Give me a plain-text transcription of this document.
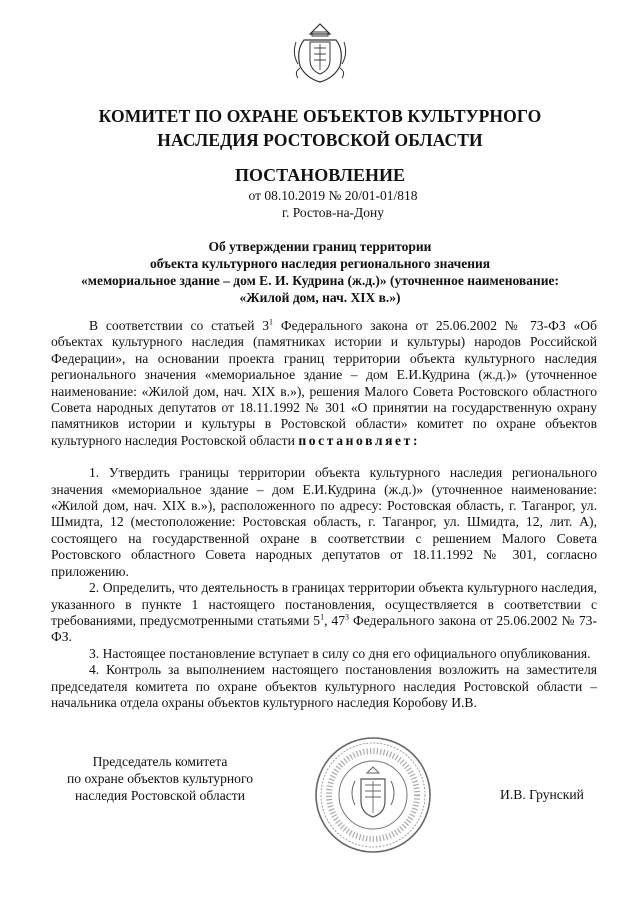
КОМИТЕТ ПО ОХРАНЕ ОБЪЕКТОВ КУЛЬТУРНОГО
НАСЛЕДИЯ РОСТОВСКОЙ ОБЛАСТИ
ПОСТАНОВЛЕНИЕ
от 08.10.2019 № 20/01-01/818
г. Ростов-на-Дону
Об утверждении границ территории
объекта культурного наследия регионального значения
«мемориальное здание – дом Е. И. Кудрина (ж.д.)» (уточненное наименование:
«Жилой дом, нач. XIX в.»)

В соответствии со статьей $3^1$ Федерального закона от 25.06.2002 № 73-ФЗ «Об объектах культурного наследия (памятниках истории и культуры) народов Российской Федерации», на основании проекта границ территории объекта культурного наследия регионального значения «мемориальное здание – дом Е.И.Кудрина (ж.д.)» (уточненное наименование: «Жилой дом, нач. XIX в.»), решения Малого Совета Ростовского областного Совета народных депутатов от 18.11.1992 № 301 «О принятии на государственную охрану памятников истории и культуры в Ростовской области» комитет по охране объектов культурного наследия Ростовской области постановляет:

1. Утвердить границы территории объекта культурного наследия регионального значения «мемориальное здание – дом Е.И.Кудрина (ж.д.)» (уточненное наименование: «Жилой дом, нач. XIX в.»), расположенного по адресу: Ростовская область, г. Таганрог, ул. Шмидта, 12 (местоположение: Ростовская область, г. Таганрог, ул. Шмидта, 12, лит. А), состоящего на государственной охране в соответствии с решением Малого Совета Ростовского областного Совета народных депутатов от 18.11.1992 № 301, согласно приложению.

2. Определить, что деятельность в границах территории объекта культурного наследия, указанного в пункте 1 настоящего постановления, осуществляется в соответствии с требованиями, предусмотренными статьями $5^1$, $47^3$ Федерального закона от 25.06.2002 № 73-ФЗ.

3. Настоящее постановление вступает в силу со дня его официального опубликования.

4. Контроль за выполнением настоящего постановления возложить на заместителя председателя комитета по охране объектов культурного наследия Ростовской области – начальника отдела охраны объектов культурного наследия Коробову И.В.

Председатель комитета
по охране объектов культурного
наследия Ростовской области	И.В. Грунский
